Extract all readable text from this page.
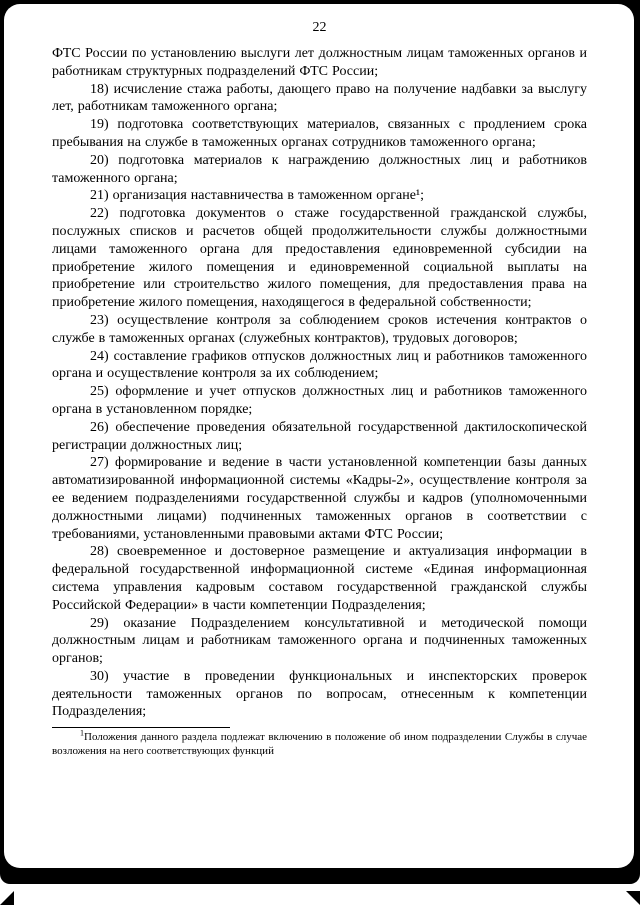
22

ФТС России по установлению выслуги лет должностным лицам таможенных органов и работникам структурных подразделений ФТС России;

18) исчисление стажа работы, дающего право на получение надбавки за выслугу лет, работникам таможенного органа;

19) подготовка соответствующих материалов, связанных с продлением срока пребывания на службе в таможенных органах сотрудников таможенного органа;

20) подготовка материалов к награждению должностных лиц и работников таможенного органа;

21) организация наставничества в таможенном органе¹;

22) подготовка документов о стаже государственной гражданской службы, послужных списков и расчетов общей продолжительности службы должностными лицами таможенного органа для предоставления единовременной субсидии на приобретение жилого помещения и единовременной социальной выплаты на приобретение или строительство жилого помещения, для предоставления права на приобретение жилого помещения, находящегося в федеральной собственности;

23) осуществление контроля за соблюдением сроков истечения контрактов о службе в таможенных органах (служебных контрактов), трудовых договоров;

24) составление графиков отпусков должностных лиц и работников таможенного органа и осуществление контроля за их соблюдением;

25) оформление и учет отпусков должностных лиц и работников таможенного органа в установленном порядке;

26) обеспечение проведения обязательной государственной дактилоскопической регистрации должностных лиц;

27) формирование и ведение в части установленной компетенции базы данных автоматизированной информационной системы «Кадры-2», осуществление контроля за ее ведением подразделениями государственной службы и кадров (уполномоченными должностными лицами) подчиненных таможенных органов в соответствии с требованиями, установленными правовыми актами ФТС России;

28) своевременное и достоверное размещение и актуализация информации в федеральной государственной информационной системе «Единая информационная система управления кадровым составом государственной гражданской службы Российской Федерации» в части компетенции Подразделения;

29) оказание Подразделением консультативной и методической помощи должностным лицам и работникам таможенного органа и подчиненных таможенных органов;

30) участие в проведении функциональных и инспекторских проверок деятельности таможенных органов по вопросам, отнесенным к компетенции Подразделения;

$^1$Положения данного раздела подлежат включению в положение об ином подразделении Службы в случае возложения на него соответствующих функций
